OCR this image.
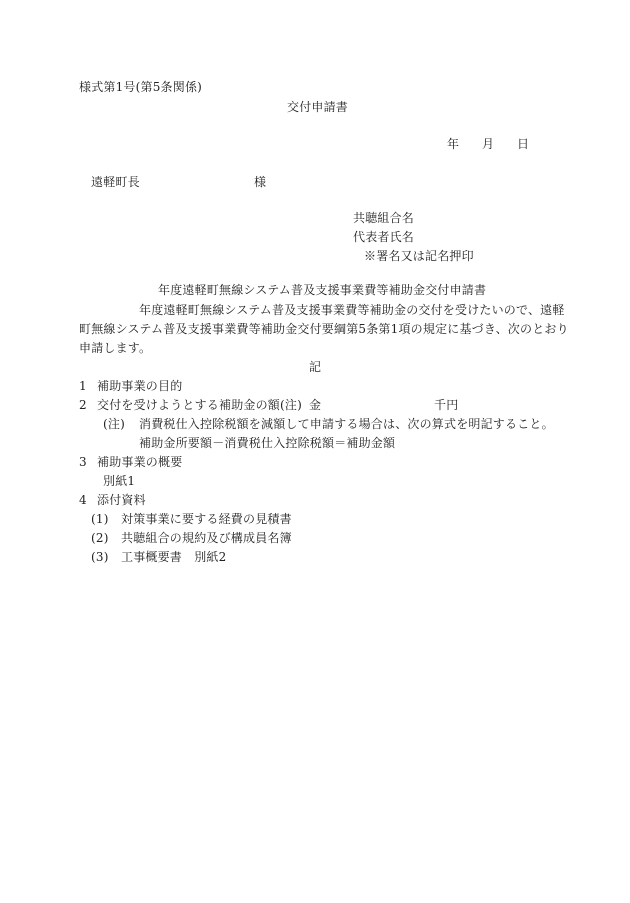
様式第1号(第5条関係)
交付申請書
年 月 日
遠軽町長	様
共聴組合名
代表者氏名
※署名又は記名押印
年度遠軽町無線システム普及支援事業費等補助金交付申請書
年度遠軽町無線システム普及支援事業費等補助金の交付を受けたいので、遠軽
町無線システム普及支援事業費等補助金交付要綱第5条第1項の規定に基づき、次のとおり
申請します。
記
1 補助事業の目的
2 交付を受けようとする補助金の額(注) 金	千円
(注) 消費税仕入控除税額を減額して申請する場合は、次の算式を明記すること。
補助金所要額－消費税仕入控除税額＝補助金額
3 補助事業の概要
別紙1
4 添付資料
(1) 対策事業に要する経費の見積書
(2) 共聴組合の規約及び構成員名簿
(3) 工事概要書　別紙2
